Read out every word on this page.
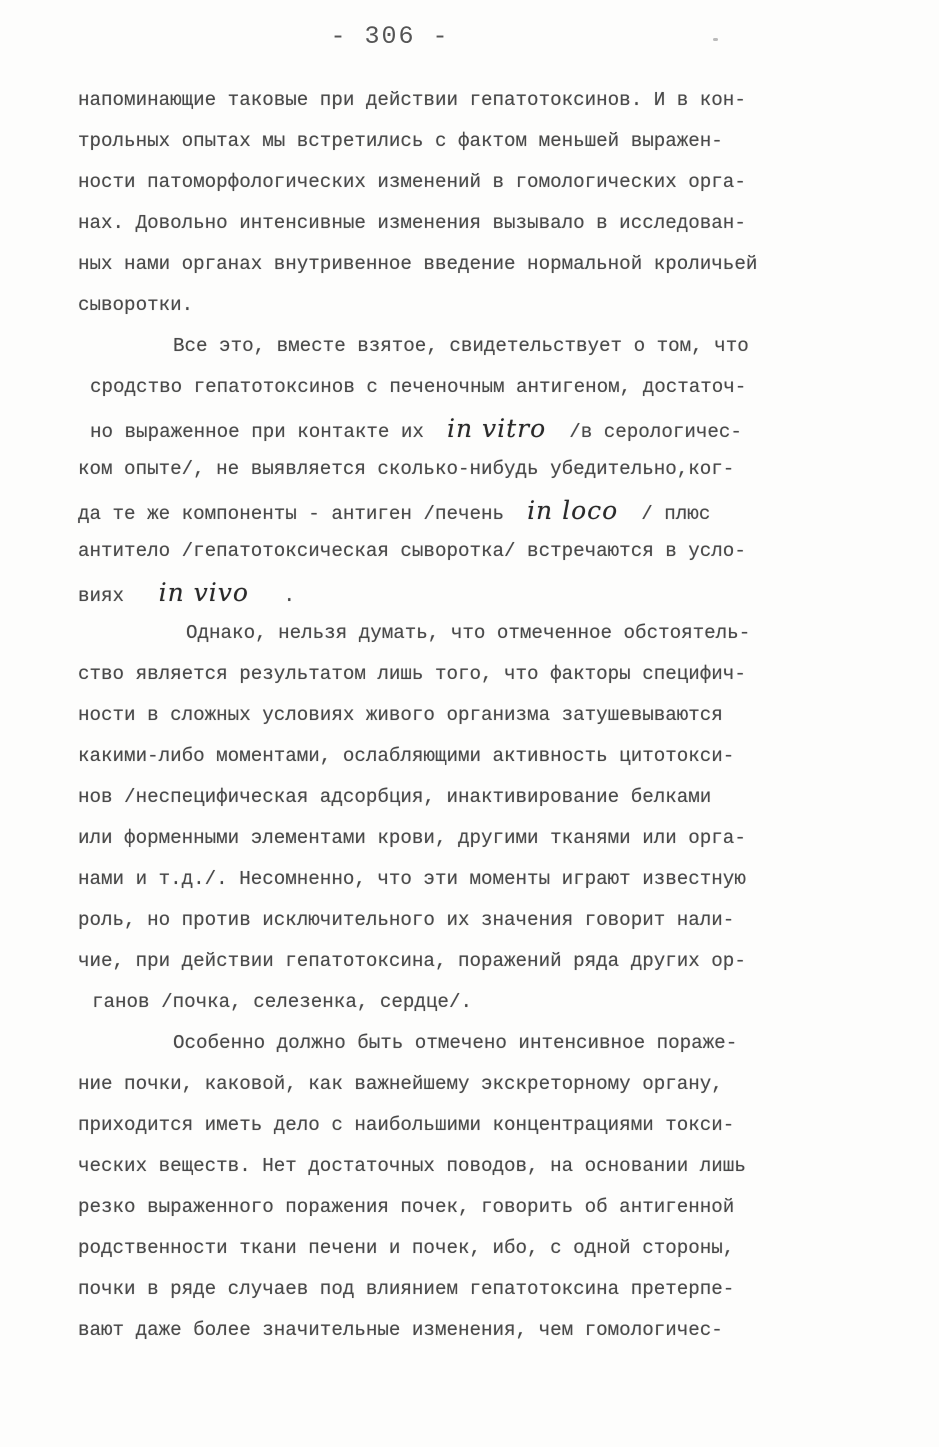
- 306 -
напоминающие таковые при действии гепатотоксинов. И в кон-
трольных опытах мы встретились с фактом меньшей выражен-
ности патоморфологических изменений в гомологических орга-
нах. Довольно интенсивные изменения вызывало в исследован-
ных нами органах внутривенное введение нормальной кроличьей
сыворотки.
Все это, вместе взятое, свидетельствует о том, что
сродство гепатотоксинов с печеночным антигеном, достаточ-
но выраженное при контакте их  in vitro  /в серологичес-
ком опыте/, не выявляется сколько-нибудь убедительно,ког-
да те же компоненты - антиген /печень  in loco  / плюс
антитело /гепатотоксическая сыворотка/ встречаются в усло-
виях   in vivo   .
Однако, нельзя думать, что отмеченное обстоятель-
ство является результатом лишь того, что факторы специфич-
ности в сложных условиях живого организма затушевываются
какими-либо моментами, ослабляющими активность цитотокси-
нов /неспецифическая адсорбция, инактивирование белками
или форменными элементами крови, другими тканями или орга-
нами и т.д./. Несомненно, что эти моменты играют известную
роль, но против исключительного их значения говорит нали-
чие, при действии гепатотоксина, поражений ряда других ор-
ганов /почка, селезенка, сердце/.
Особенно должно быть отмечено интенсивное пораже-
ние почки, каковой, как важнейшему экскреторному органу,
приходится иметь дело с наибольшими концентрациями токси-
ческих веществ. Нет достаточных поводов, на основании лишь
резко выраженного поражения почек, говорить об антигенной
родственности ткани печени и почек, ибо, с одной стороны,
почки в ряде случаев под влиянием гепатотоксина претерпе-
вают даже более значительные изменения, чем гомологичес-
